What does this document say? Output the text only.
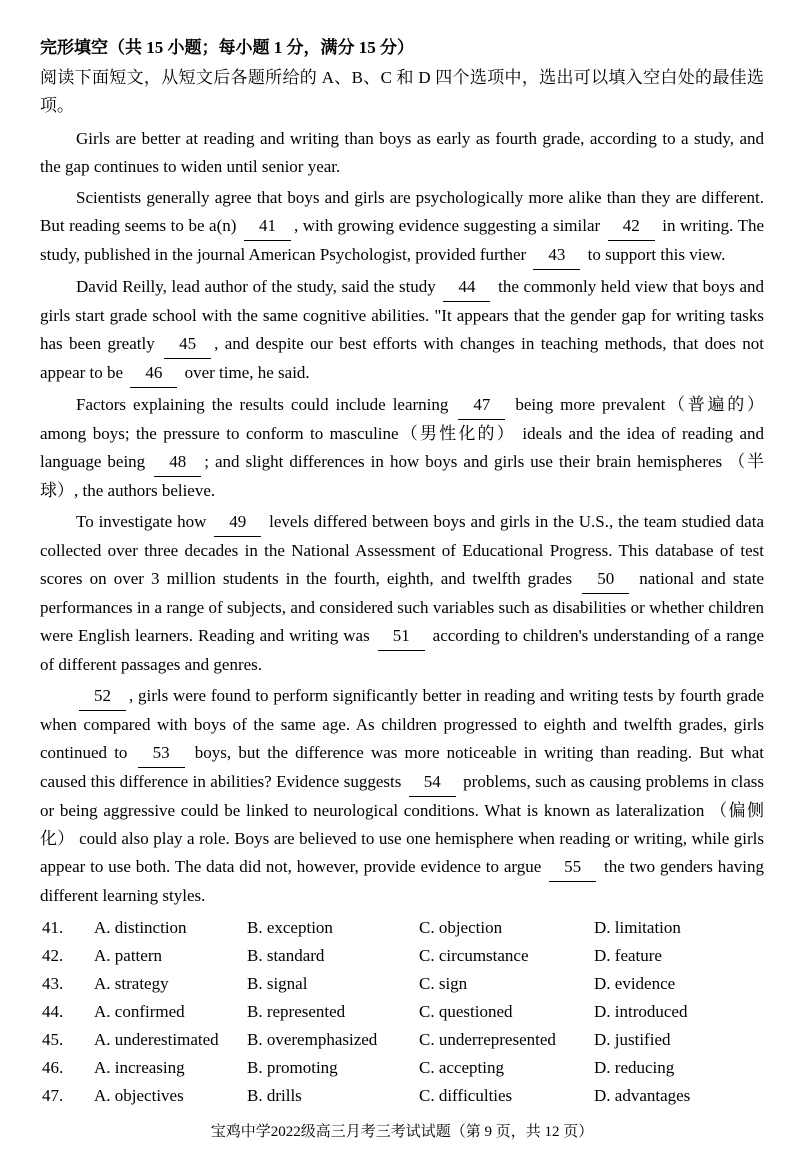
完形填空（共 15 小题；每小题 1 分，满分 15 分）

阅读下面短文，从短文后各题所给的 A、B、C 和 D 四个选项中，选出可以填入空白处的最佳选项。

Girls are better at reading and writing than boys as early as fourth grade, according to a study, and the gap continues to widen until senior year.

Scientists generally agree that boys and girls are psychologically more alike than they are different. But reading seems to be a(n) 41 , with growing evidence suggesting a similar 42 in writing. The study, published in the journal American Psychologist, provided further 43 to support this view.

David Reilly, lead author of the study, said the study 44 the commonly held view that boys and girls start grade school with the same cognitive abilities. "It appears that the gender gap for writing tasks has been greatly 45 , and despite our best efforts with changes in teaching methods, that does not appear to be 46 over time, he said.

Factors explaining the results could include learning 47 being more prevalent（普遍的） among boys; the pressure to conform to masculine（男性化的） ideals and the idea of reading and language being 48 ; and slight differences in how boys and girls use their brain hemispheres （半球）, the authors believe.

To investigate how 49 levels differed between boys and girls in the U.S., the team studied data collected over three decades in the National Assessment of Educational Progress. This database of test scores on over 3 million students in the fourth, eighth, and twelfth grades 50 national and state performances in a range of subjects, and considered such variables such as disabilities or whether children were English learners. Reading and writing was 51 according to children's understanding of a range of different passages and genres.

52 , girls were found to perform significantly better in reading and writing tests by fourth grade when compared with boys of the same age. As children progressed to eighth and twelfth grades, girls continued to 53 boys, but the difference was more noticeable in writing than reading. But what caused this difference in abilities? Evidence suggests 54 problems, such as causing problems in class or being aggressive could be linked to neurological conditions. What is known as lateralization （偏侧化） could also play a role. Boys are believed to use one hemisphere when reading or writing, while girls appear to use both. The data did not, however, provide evidence to argue 55 the two genders having different learning styles.

41.	A. distinction	B. exception	C. objection	D. limitation
42.	A. pattern	B. standard	C. circumstance	D. feature
43.	A. strategy	B. signal	C. sign	D. evidence
44.	A. confirmed	B. represented	C. questioned	D. introduced
45.	A. underestimated	B. overemphasized	C. underrepresented	D. justified
46.	A. increasing	B. promoting	C. accepting	D. reducing
47.	A. objectives	B. drills	C. difficulties	D. advantages
宝鸡中学2022级高三月考三考试试题（第 9 页，共 12 页）
